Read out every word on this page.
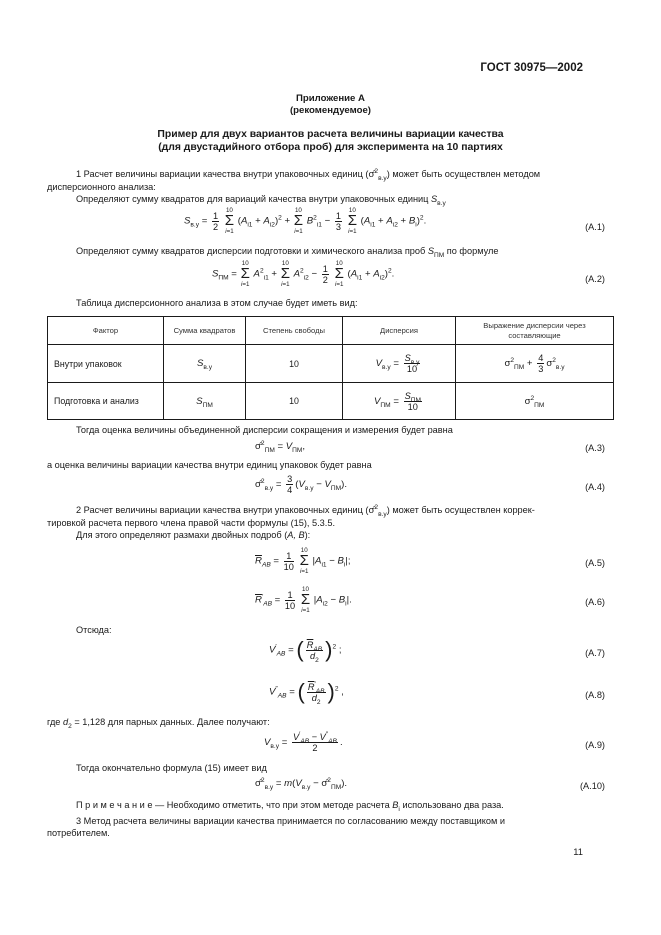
ГОСТ 30975—2002
Приложение А
(рекомендуемое)
Пример для двух вариантов расчета величины вариации качества
(для двустадийного отбора проб) для эксперимента на 10 партиях
1 Расчет величины вариации качества внутри упаковочных единиц (σ̂$^2_{в.у}$) может быть осуществлен методом
дисперсионного анализа:
Определяют сумму квадратов для вариаций качества внутри упаковочных единиц $S_{в.у}$
$S_{в.у} = \frac{1}{2}$
10
Σ
i=1
$(A_{i1} + A_{i2})^2$ +
10
Σ
i=1
$B^2_{i1} - \frac{1}{3}$
10
Σ
i=1
$(A_{i1} + A_{i2} + B_i)^2$.
(А.1)
Определяют сумму квадратов дисперсии подготовки и химического анализа проб $S_{ПМ}$ по формуле
$S_{ПМ}$ =
10
Σ
i=1
$A^2_{i1}$ +
10
Σ
i=1
$A^2_{i2} - \frac{1}{2}$
10
Σ
i=1
$(A_{i1} + A_{i2})^2$.	(А.2)
Таблица дисперсионного анализа в этом случае будет иметь вид:
Фактор	Сумма квадратов	Степень свободы	Дисперсия	Выражение дисперсии через составляющие
Внутри упаковок	$S_{в.у}$	10	$V_{в.у} = \frac{S_{в.у}}{10}$	$\sigma^2_{ПМ} + \frac{4}{3} \sigma^2_{в.у}$
Подготовка и анализ	$S_{ПМ}$	10	$V_{ПМ} = \frac{S_{ПМ}}{10}$	$\sigma^2_{ПМ}$
Тогда оценка величины объединенной дисперсии сокращения и измерения будет равна
σ̂$^2_{ПМ}$ = $V_{ПМ}$,	(А.3)
а оценка величины вариации качества внутри единиц упаковок будет равна
σ̂$^2_{в.у}$ = $\frac{3}{4} (V_{в.у} - V_{ПМ})$.	(А.4)
2 Расчет величины вариации качества внутри упаковочных единиц (σ̂$^2_{в.у}$) может быть осуществлен коррек-
тировкой расчета первого члена правой части формулы (15), 5.3.5.
Для этого определяют размахи двойных подроб (A, B):
$\overline{R}_{AB} = \frac{1}{10}$
10
Σ
i=1
$|A_{i1} - B_i|$;	(А.5)
$\overline{R}'_{AB} = \frac{1}{10}$
10
Σ
i=1
$|A_{i2} - B_i|$.	(А.6)
Отсюда:
$V'_{AB}$ = ( $\frac{\overline{R}_{AB}}{d_2} )^2$ ;	(А.7)
$V''_{AB}$ = ( $\frac{\overline{R}'_{AB}}{d_2} )^2$ ,	(А.8)
где $d_2 = 1,128$ для парных данных. Далее получают:
$V_{в.у} = \frac{V'_{AB} - V''_{AB}}{2}$ .	(А.9)
Тогда окончательно формула (15) имеет вид
σ̂$^2_{в.у}$ = $m(V_{в.у}$ − σ̂$^2_{ПМ}$).	(А.10)
П р и м е ч а н и е — Необходимо отметить, что при этом методе расчета $B_i$ использовано два раза.
3 Метод расчета величины вариации качества принимается по согласованию между поставщиком и
потребителем.
11
